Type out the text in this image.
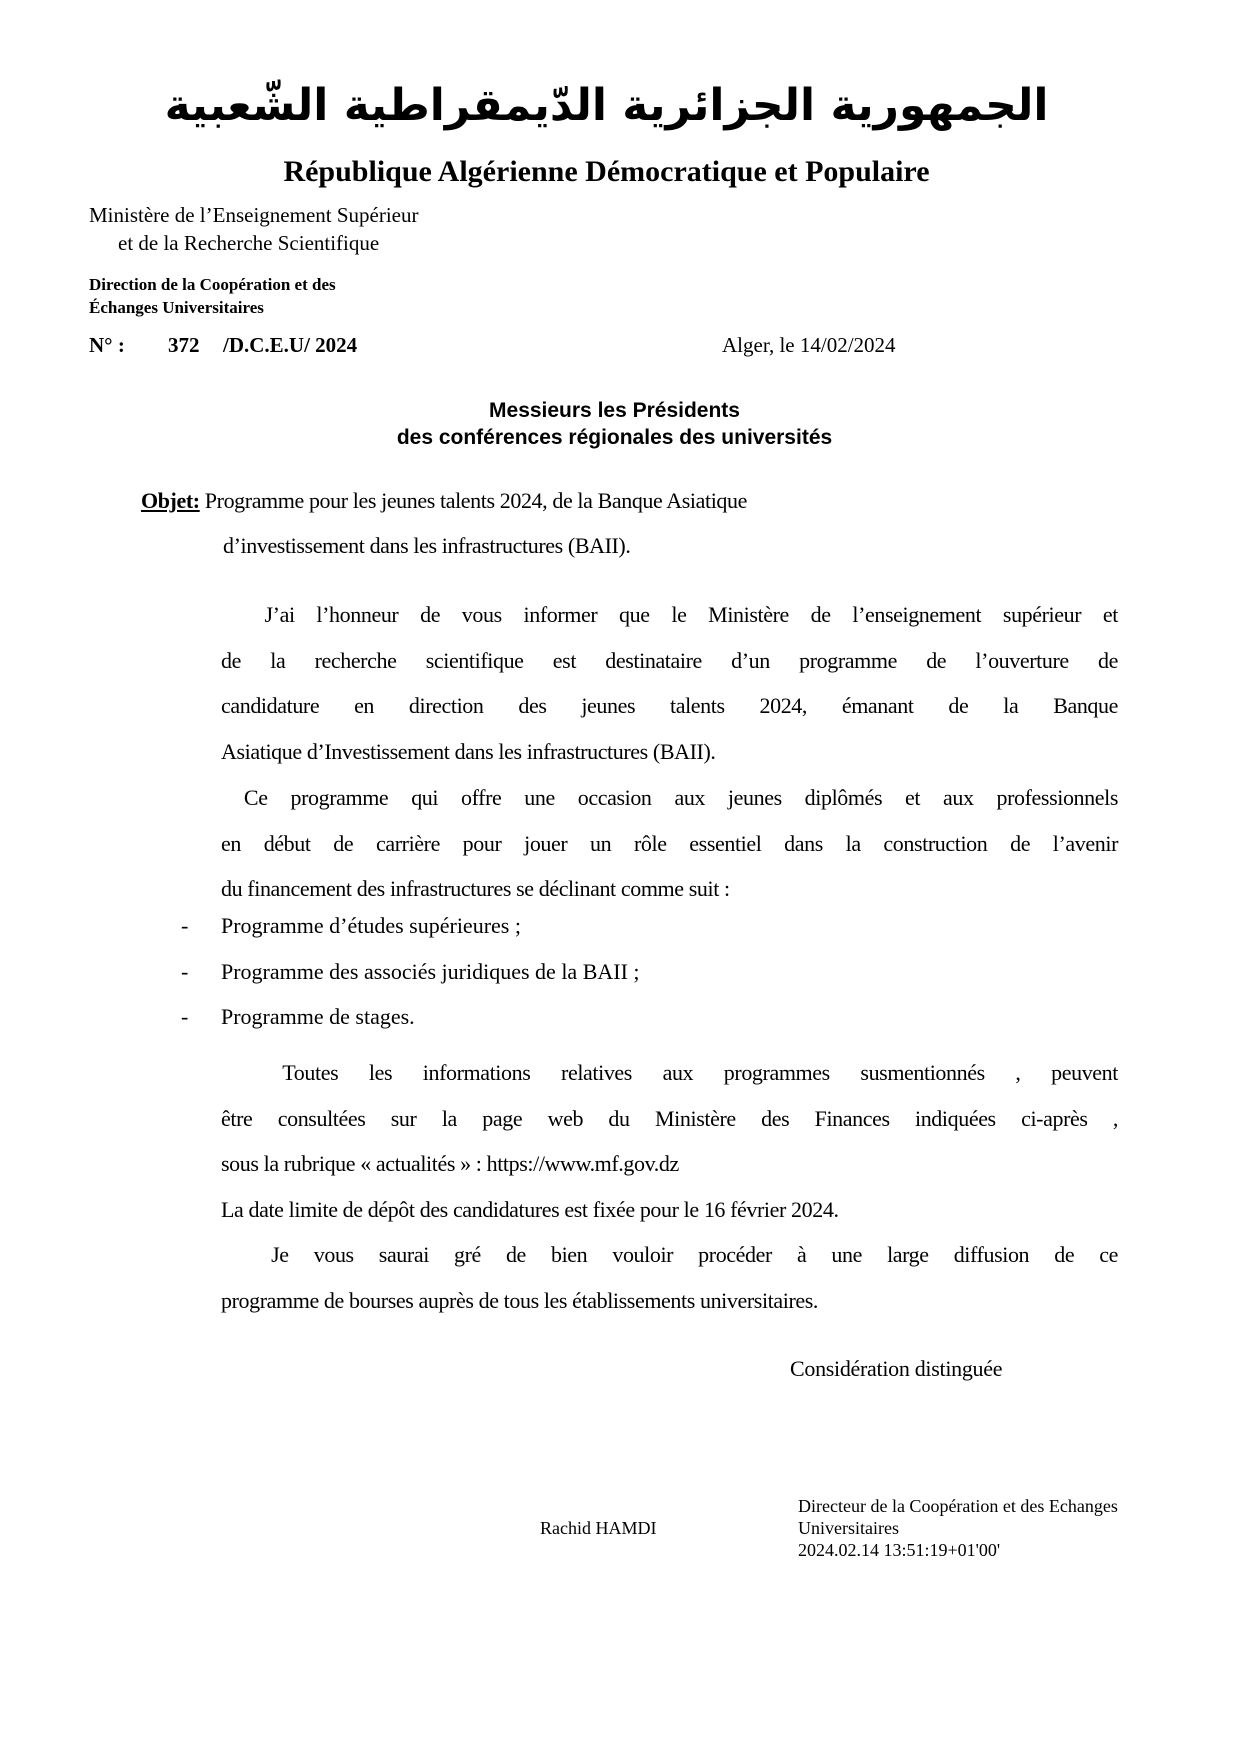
الجمهورية الجزائرية الدّيمقراطية الشّعبية
République Algérienne Démocratique et Populaire
Ministère de l’Enseignement Supérieur
et de la Recherche Scientifique
Direction de la Coopération et des
Échanges Universitaires
N° : 372 /D.C.E.U/ 2024	Alger, le 14/02/2024
Messieurs les Présidents
des conférences régionales des universités
Objet: Programme pour les jeunes talents 2024, de la Banque Asiatique
d’investissement dans les infrastructures (BAII).
J’ai l’honneur de vous informer que le Ministère de l’enseignement supérieur et
de la recherche scientifique est destinataire d’un programme de l’ouverture de
candidature en direction des jeunes talents 2024, émanant de la Banque
Asiatique d’Investissement dans les infrastructures (BAII).
Ce programme qui offre une occasion aux jeunes diplômés et aux professionnels
en début de carrière pour jouer un rôle essentiel dans la construction de l’avenir
du financement des infrastructures se déclinant comme suit :
- Programme d’études supérieures ;
- Programme des associés juridiques de la BAII ;
- Programme de stages.
Toutes les informations relatives aux programmes susmentionnés , peuvent
être consultées sur la page web du Ministère des Finances indiquées ci-après ,
sous la rubrique « actualités » : https://www.mf.gov.dz
La date limite de dépôt des candidatures est fixée pour le 16 février 2024.
Je vous saurai gré de bien vouloir procéder à une large diffusion de ce
programme de bourses auprès de tous les établissements universitaires.
Considération distinguée
Rachid HAMDI
Directeur de la Coopération et des Echanges
Universitaires
2024.02.14 13:51:19+01'00'
